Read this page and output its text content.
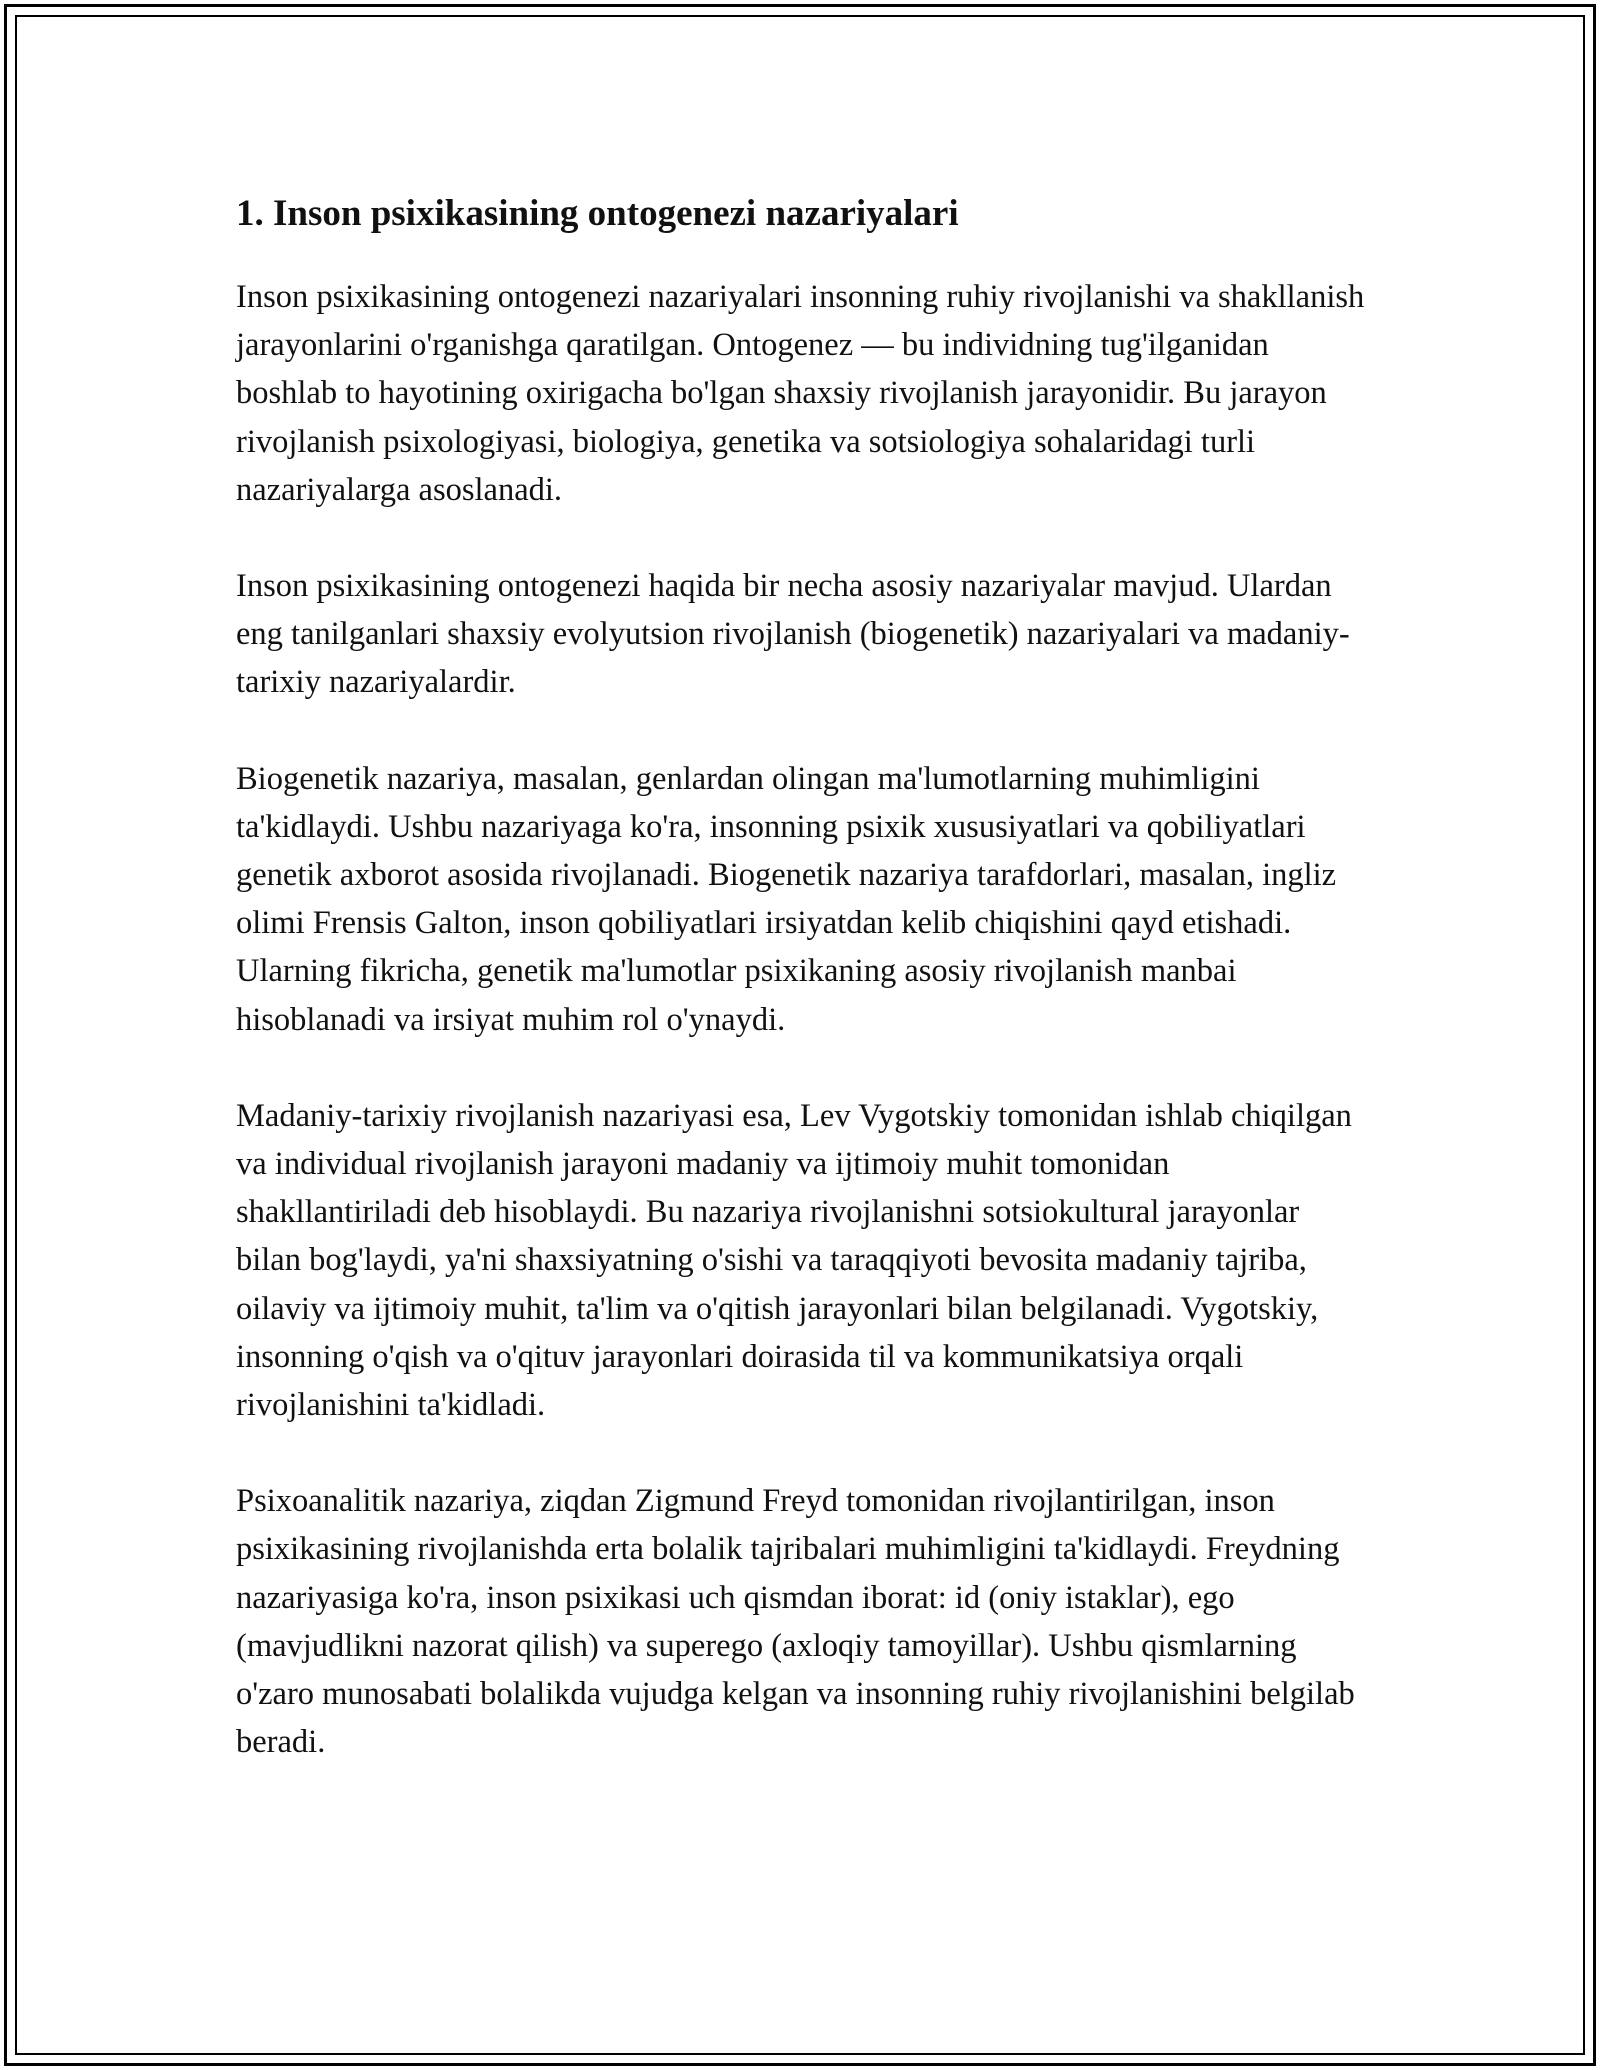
1. Inson psixikasining ontogenezi nazariyalari

Inson psixikasining ontogenezi nazariyalari insonning ruhiy rivojlanishi va shakllanish jarayonlarini o'rganishga qaratilgan. Ontogenez — bu individning tug'ilganidan boshlab to hayotining oxirigacha bo'lgan shaxsiy rivojlanish jarayonidir. Bu jarayon rivojlanish psixologiyasi, biologiya, genetika va sotsiologiya sohalaridagi turli nazariyalarga asoslanadi.

Inson psixikasining ontogenezi haqida bir necha asosiy nazariyalar mavjud. Ulardan eng tanilganlari shaxsiy evolyutsion rivojlanish (biogenetik) nazariyalari va madaniy-tarixiy nazariyalardir.

Biogenetik nazariya, masalan, genlardan olingan ma'lumotlarning muhimligini ta'kidlaydi. Ushbu nazariyaga ko'ra, insonning psixik xususiyatlari va qobiliyatlari genetik axborot asosida rivojlanadi. Biogenetik nazariya tarafdorlari, masalan, ingliz olimi Frensis Galton, inson qobiliyatlari irsiyatdan kelib chiqishini qayd etishadi. Ularning fikricha, genetik ma'lumotlar psixikaning asosiy rivojlanish manbai hisoblanadi va irsiyat muhim rol o'ynaydi.

Madaniy-tarixiy rivojlanish nazariyasi esa, Lev Vygotskiy tomonidan ishlab chiqilgan va individual rivojlanish jarayoni madaniy va ijtimoiy muhit tomonidan shakllantiriladi deb hisoblaydi. Bu nazariya rivojlanishni sotsiokultural jarayonlar bilan bog'laydi, ya'ni shaxsiyatning o'sishi va taraqqiyoti bevosita madaniy tajriba, oilaviy va ijtimoiy muhit, ta'lim va o'qitish jarayonlari bilan belgilanadi. Vygotskiy, insonning o'qish va o'qituv jarayonlari doirasida til va kommunikatsiya orqali rivojlanishini ta'kidladi.

Psixoanalitik nazariya, ziqdan Zigmund Freyd tomonidan rivojlantirilgan, inson psixikasining rivojlanishda erta bolalik tajribalari muhimligini ta'kidlaydi. Freydning nazariyasiga ko'ra, inson psixikasi uch qismdan iborat: id (oniy istaklar), ego (mavjudlikni nazorat qilish) va superego (axloqiy tamoyillar). Ushbu qismlarning o'zaro munosabati bolalikda vujudga kelgan va insonning ruhiy rivojlanishini belgilab beradi.
